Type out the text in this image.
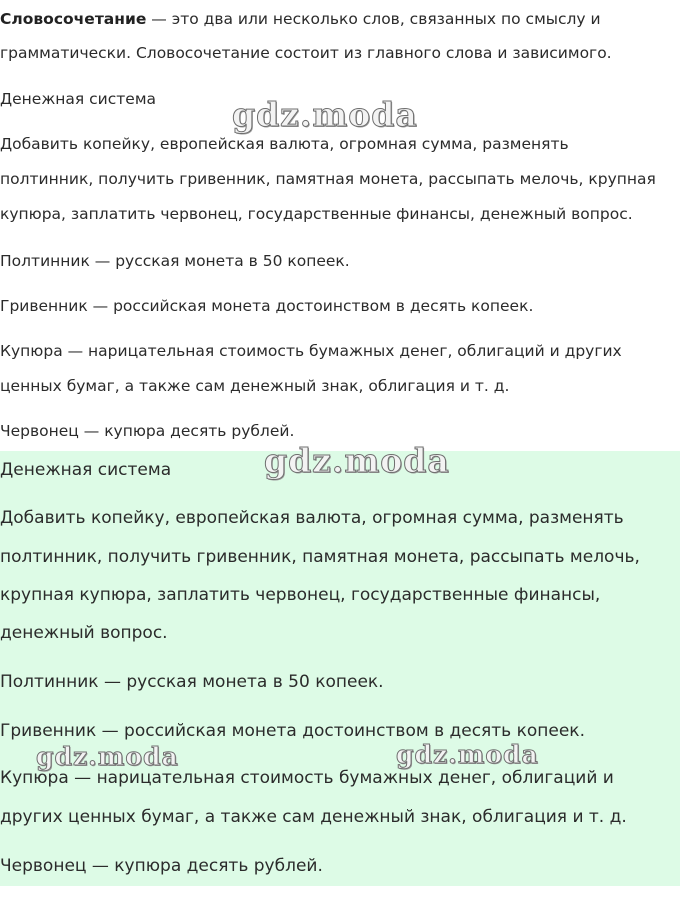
Словосочетание — это два или несколько слов, связанных по смыслу и
грамматически. Словосочетание состоит из главного слова и зависимого.
Денежная система
Добавить копейку, европейская валюта, огромная сумма, разменять
полтинник, получить гривенник, памятная монета, рассыпать мелочь, крупная
купюра, заплатить червонец, государственные финансы, денежный вопрос.
Полтинник — русская монета в 50 копеек.
Гривенник — российская монета достоинством в десять копеек.
Купюра — нарицательная стоимость бумажных денег, облигаций и других
ценных бумаг, а также сам денежный знак, облигация и т. д.
Червонец — купюра десять рублей.
Денежная система
Добавить копейку, европейская валюта, огромная сумма, разменять
полтинник, получить гривенник, памятная монета, рассыпать мелочь,
крупная купюра, заплатить червонец, государственные финансы,
денежный вопрос.
Полтинник — русская монета в 50 копеек.
Гривенник — российская монета достоинством в десять копеек.
Купюра — нарицательная стоимость бумажных денег, облигаций и
других ценных бумаг, а также сам денежный знак, облигация и т. д.
Червонец — купюра десять рублей.
gdz.moda
gdz.moda
gdz.moda	gdz.moda
